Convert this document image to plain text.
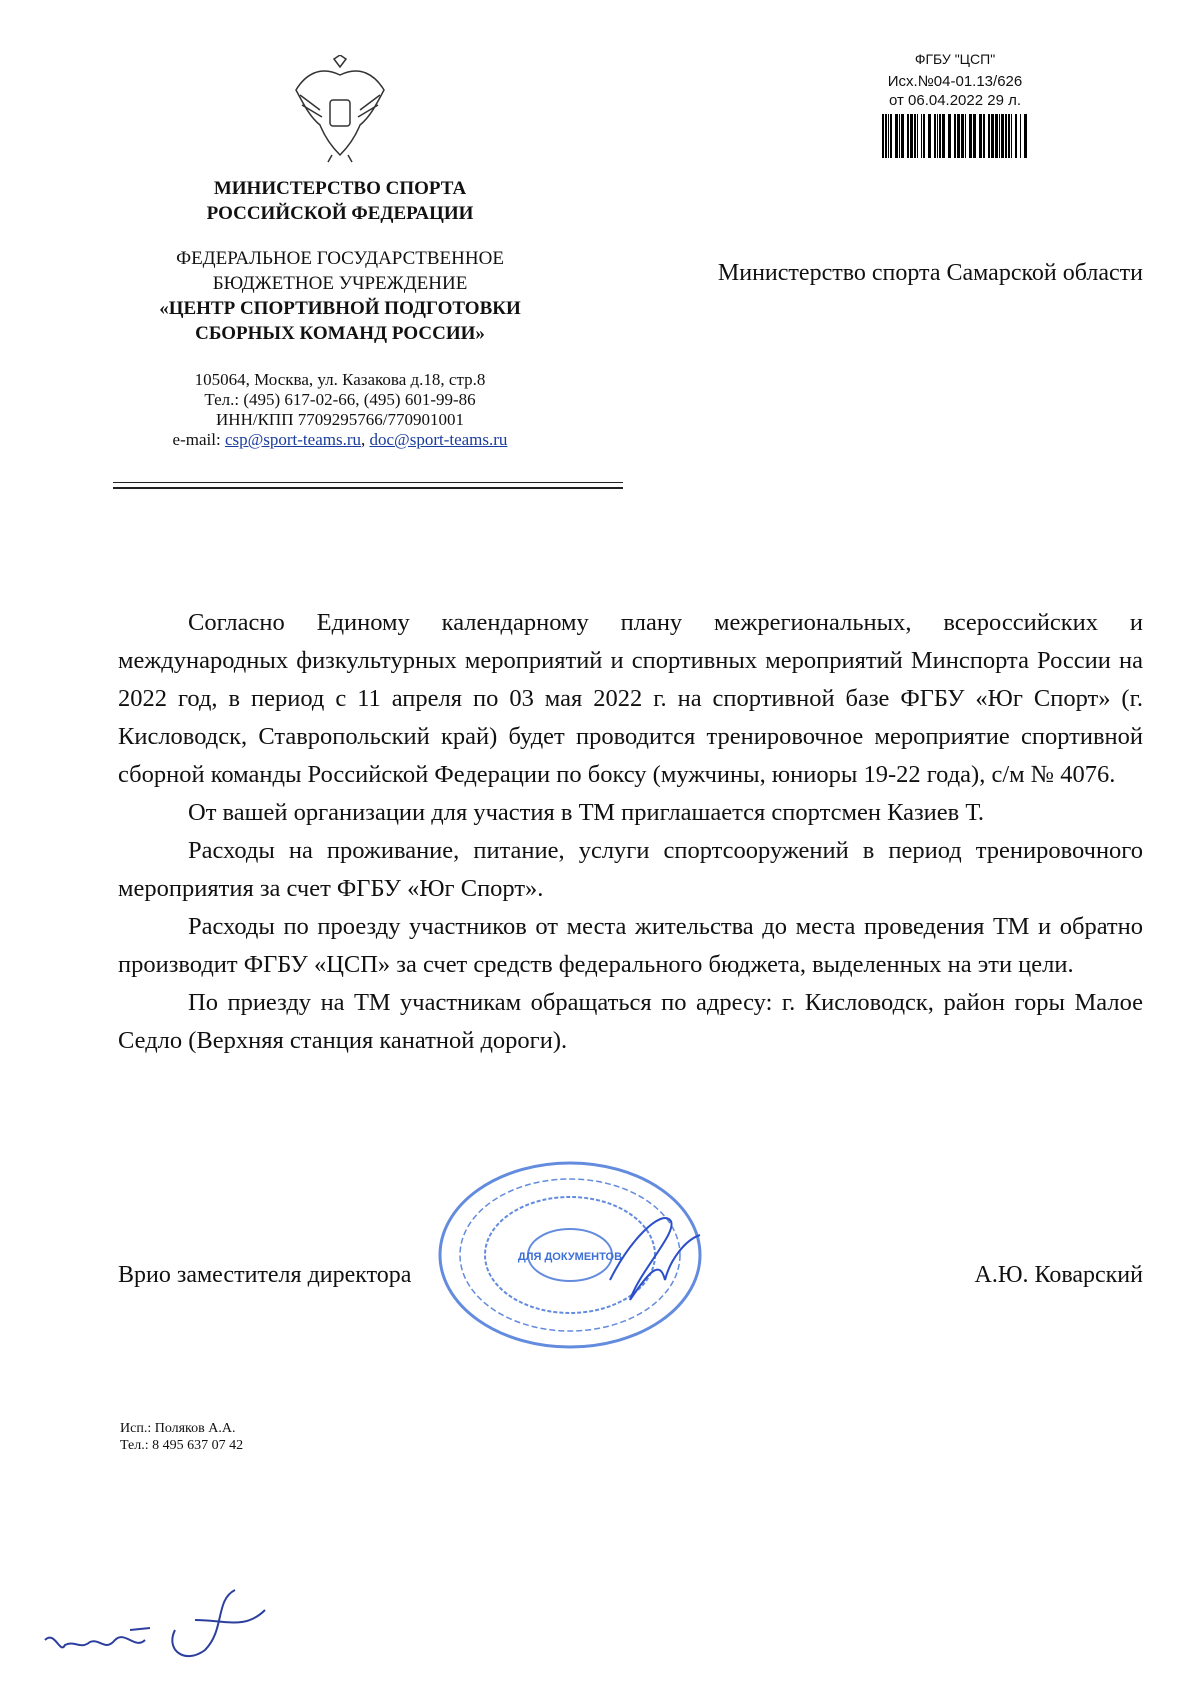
МИНИСТЕРСТВО СПОРТА
РОССИЙСКОЙ ФЕДЕРАЦИИ
ФЕДЕРАЛЬНОЕ ГОСУДАРСТВЕННОЕ
БЮДЖЕТНОЕ УЧРЕЖДЕНИЕ
«ЦЕНТР СПОРТИВНОЙ ПОДГОТОВКИ
СБОРНЫХ КОМАНД РОССИИ»
105064, Москва, ул. Казакова д.18, стр.8
Тел.: (495) 617-02-66, (495) 601-99-86
ИНН/КПП 7709295766/770901001
e-mail: csp@sport-teams.ru, doc@sport-teams.ru
ФГБУ "ЦСП"
Исх.№04-01.13/626
от 06.04.2022 29 л.
Министерство спорта Самарской области

Согласно Единому календарному плану межрегиональных, всероссийских и международных физкультурных мероприятий и спортивных мероприятий Минспорта России на 2022 год, в период с 11 апреля по 03 мая 2022 г. на спортивной базе ФГБУ «Юг Спорт» (г. Кисловодск, Ставропольский край) будет проводится тренировочное мероприятие спортивной сборной команды Российской Федерации по боксу (мужчины, юниоры 19-22 года), с/м № 4076.

От вашей организации для участия в ТМ приглашается спортсмен Казиев Т.

Расходы на проживание, питание, услуги спортсооружений в период тренировочного мероприятия за счет ФГБУ «Юг Спорт».

Расходы по проезду участников от места жительства до места проведения ТМ и обратно производит ФГБУ «ЦСП» за счет средств федерального бюджета, выделенных на эти цели.

По приезду на ТМ участникам обращаться по адресу: г. Кисловодск, район горы Малое Седло (Верхняя станция канатной дороги).

ДЛЯ ДОКУМЕНТОВ
Врио заместителя директора	А.Ю. Коварский
Исп.: Поляков А.А.
Тел.: 8 495 637 07 42
